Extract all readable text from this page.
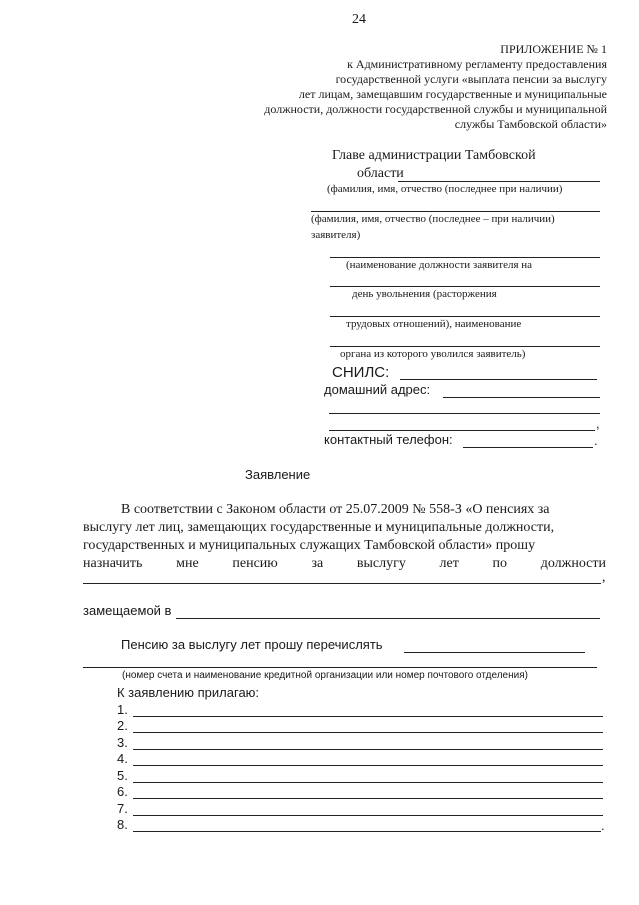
24
ПРИЛОЖЕНИЕ № 1
к Административному регламенту предоставления
государственной услуги «выплата пенсии за выслугу
лет лицам, замещавшим государственные и муниципальные
должности, должности государственной службы и муниципальной
службы Тамбовской области»
Главе администрации Тамбовской
области
(фамилия, имя, отчество (последнее при наличии)
(фамилия, имя, отчество (последнее – при наличии)
заявителя)
(наименование должности заявителя на
день увольнения (расторжения
трудовых отношений), наименование
органа из которого уволился заявитель)
СНИЛС:
домашний адрес:
,
контактный телефон:	.
Заявление
В соответствии с Законом области от 25.07.2009 № 558-З «О пенсиях за
выслугу лет лиц, замещающих государственные и муниципальные должности,
государственных и муниципальных служащих Тамбовской области» прошу
назначить мне пенсию за выслугу лет по должности
,
замещаемой в
Пенсию за выслугу лет прошу перечислять
(номер счета и наименование кредитной организации или номер почтового отделения)
К заявлению прилагаю:
1.
2.
3.
4.
5.
6.
7.
8.	.
